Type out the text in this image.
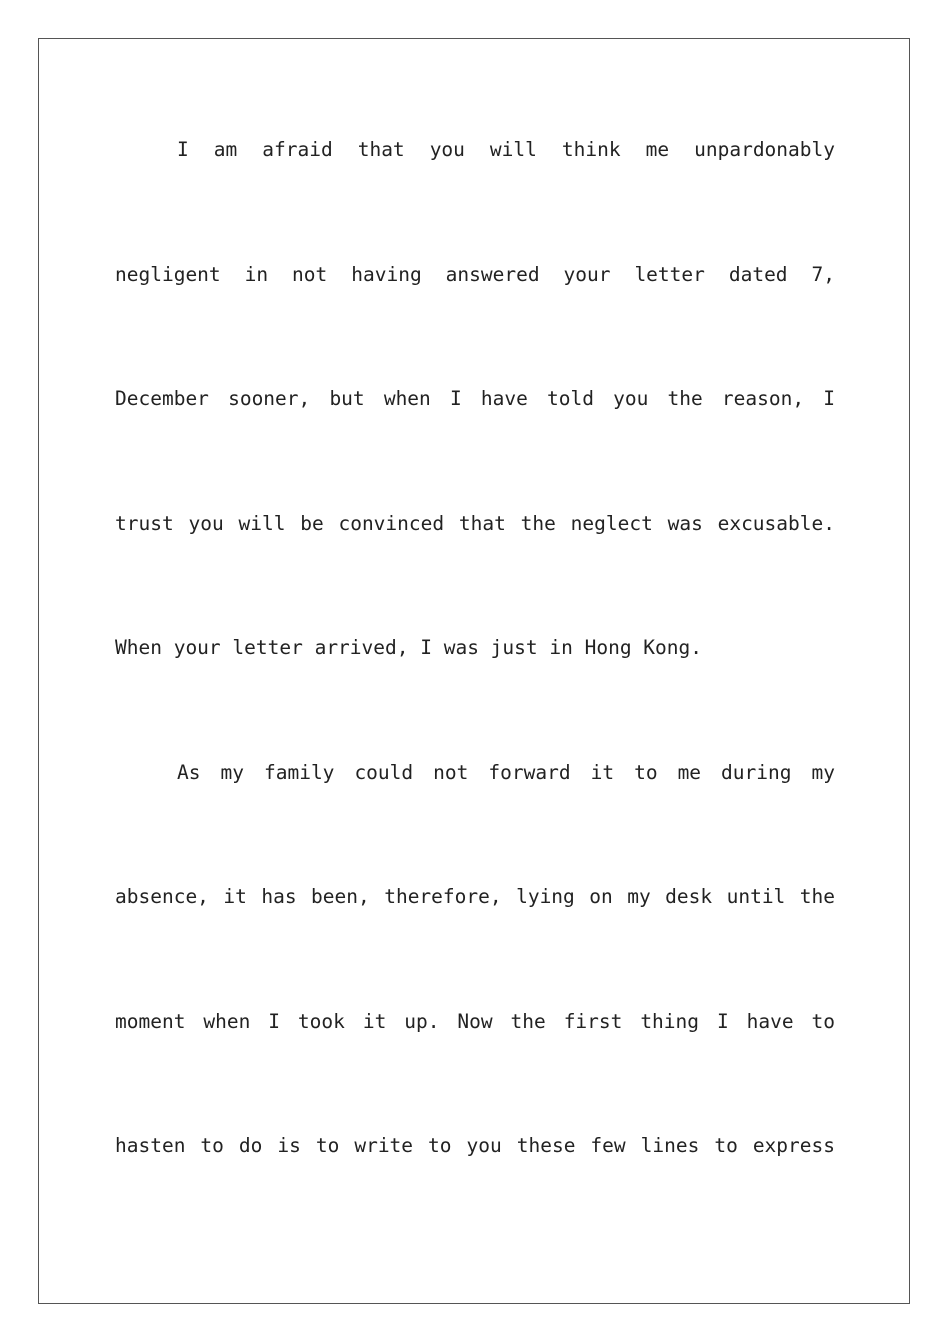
I am afraid that you will think me unpardonably
negligent in not having answered your letter dated 7,
December sooner, but when I have told you the reason, I
trust you will be convinced that the neglect was excusable.
When your letter arrived, I was just in Hong Kong.
As my family could not forward it to me during my
absence, it has been, therefore, lying on my desk until the
moment when I took it up. Now the first thing I have to
hasten to do is to write to you these few lines to express
